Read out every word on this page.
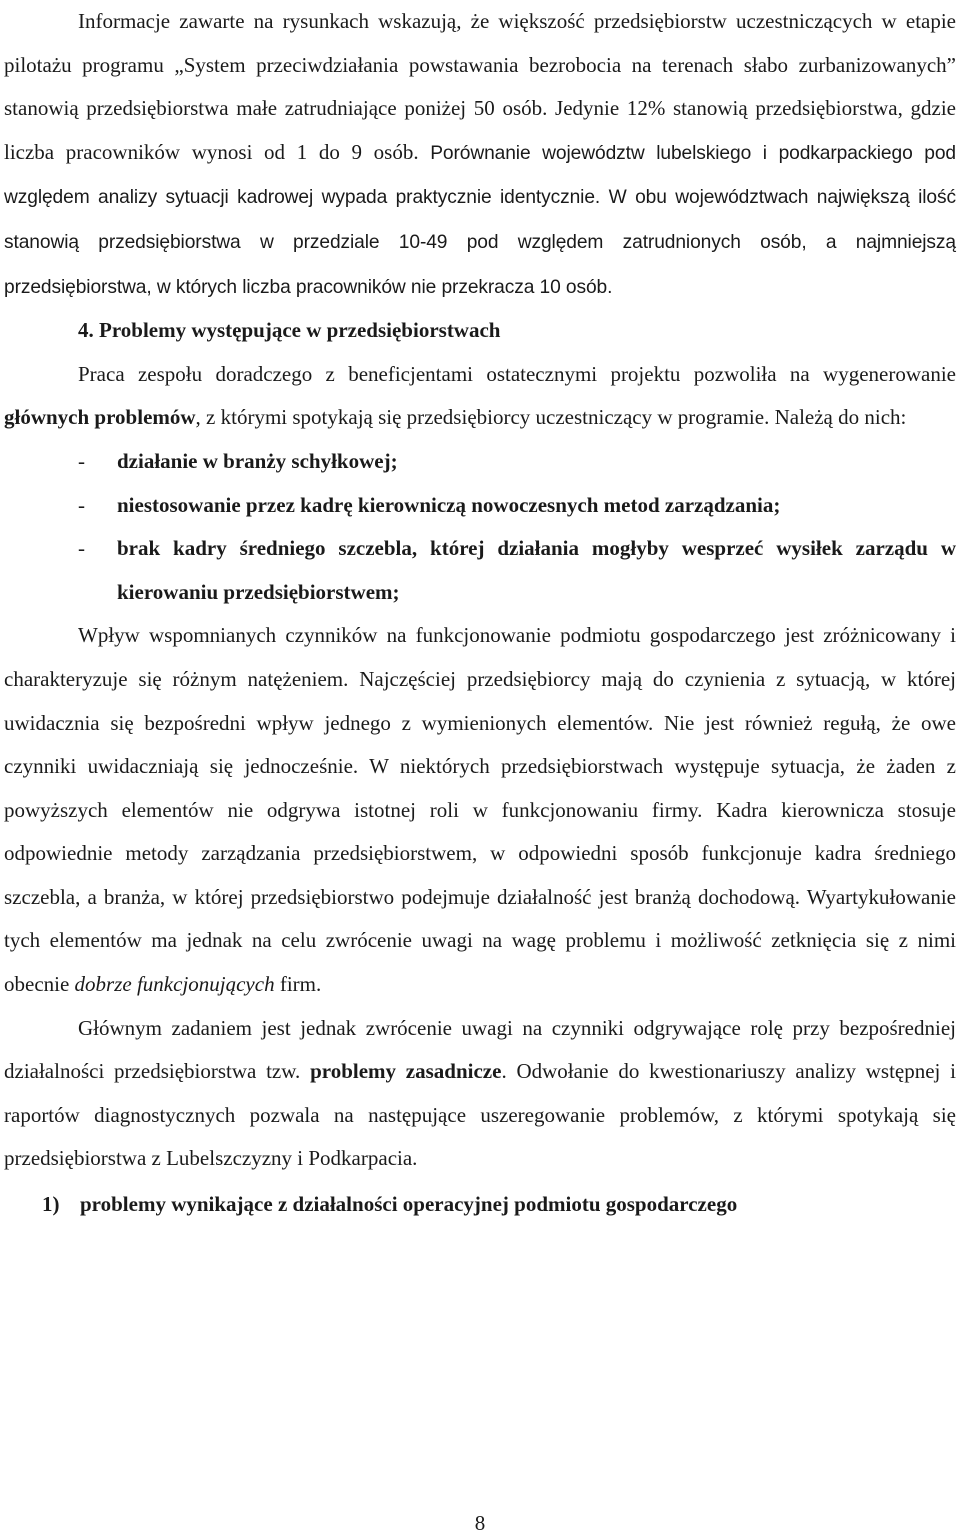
Informacje zawarte na rysunkach wskazują, że większość przedsiębiorstw uczestniczących w etapie pilotażu programu „System przeciwdziałania powstawania bezrobocia na terenach słabo zurbanizowanych” stanowią przedsiębiorstwa małe zatrudniające poniżej 50 osób. Jedynie 12% stanowią przedsiębiorstwa, gdzie liczba pracowników wynosi od 1 do 9 osób. Porównanie województw lubelskiego i podkarpackiego pod względem analizy sytuacji kadrowej wypada praktycznie identycznie. W obu województwach największą ilość stanowią przedsiębiorstwa w przedziale 10-49 pod względem zatrudnionych osób, a najmniejszą przedsiębiorstwa, w których liczba pracowników nie przekracza 10 osób.

4. Problemy występujące w przedsiębiorstwach

Praca zespołu doradczego z beneficjentami ostatecznymi projektu pozwoliła na wygenerowanie głównych problemów, z którymi spotykają się przedsiębiorcy uczestniczący w programie. Należą do nich:

- działanie w branży schyłkowej;
- niestosowanie przez kadrę kierowniczą nowoczesnych metod zarządzania;
- brak kadry średniego szczebla, której działania mogłyby wesprzeć wysiłek zarządu w kierowaniu przedsiębiorstwem;

Wpływ wspomnianych czynników na funkcjonowanie podmiotu gospodarczego jest zróżnicowany i charakteryzuje się różnym natężeniem. Najczęściej przedsiębiorcy mają do czynienia z sytuacją, w której uwidacznia się bezpośredni wpływ jednego z wymienionych elementów. Nie jest również regułą, że owe czynniki uwidaczniają się jednocześnie. W niektórych przedsiębiorstwach występuje sytuacja, że żaden z powyższych elementów nie odgrywa istotnej roli w funkcjonowaniu firmy. Kadra kierownicza stosuje odpowiednie metody zarządzania przedsiębiorstwem, w odpowiedni sposób funkcjonuje kadra średniego szczebla, a branża, w której przedsiębiorstwo podejmuje działalność jest branżą dochodową. Wyartykułowanie tych elementów ma jednak na celu zwrócenie uwagi na wagę problemu i możliwość zetknięcia się z nimi obecnie dobrze funkcjonujących firm.

Głównym zadaniem jest jednak zwrócenie uwagi na czynniki odgrywające rolę przy bezpośredniej działalności przedsiębiorstwa tzw. problemy zasadnicze. Odwołanie do kwestionariuszy analizy wstępnej i raportów diagnostycznych pozwala na następujące uszeregowanie problemów, z którymi spotykają się przedsiębiorstwa z Lubelszczyzny i Podkarpacia.

1) problemy wynikające z działalności operacyjnej podmiotu gospodarczego

8
